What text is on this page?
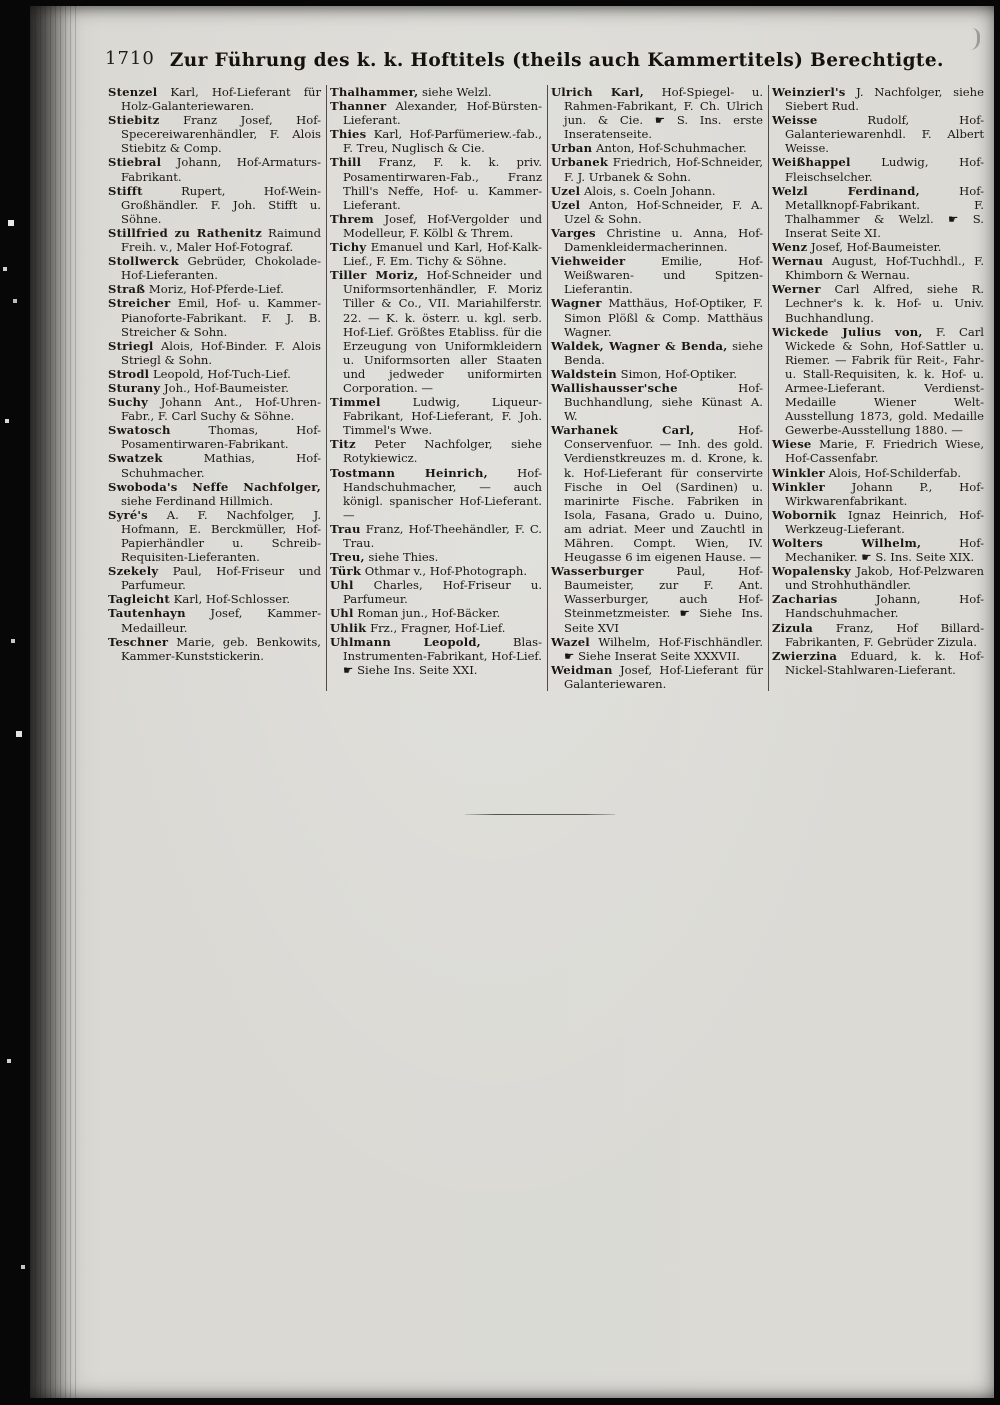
1710 Zur Führung des k. k. Hoftitels (theils auch Kammertitels) Berechtigte.

Stenzel Karl, Hof-Lieferant für Holz-Galanteriewaren.

Stiebitz Franz Josef, Hof-Specereiwarenhändler, F. Alois Stiebitz & Comp.

Stiebral Johann, Hof-Armaturs-Fabrikant.

Stifft	Rupert, Hof-Wein-Großhändler. F. Joh. Stifft u. Söhne.

Stillfried zu Rathenitz Raimund Freih. v., Maler Hof-Fotograf.

Stollwerck Gebrüder, Chokolade-Hof-Lieferanten.

Straß Moriz, Hof-Pferde-Lief.

Streicher Emil, Hof- u. Kammer-Pianoforte-Fabrikant. F. J. B. Streicher & Sohn.

Striegl Alois, Hof-Binder. F. Alois Striegl & Sohn.

Strodl Leopold, Hof-Tuch-Lief.

Sturany Joh., Hof-Baumeister.

Suchy Johann Ant., Hof-Uhren-Fabr., F. Carl Suchy & Söhne.

Swatosch	Thomas, Hof-Posamentirwaren-Fabrikant.

Swatzek	Mathias, Hof-Schuhmacher.

Swoboda's Neffe Nachfolger, siehe Ferdinand Hillmich.

Syré's A. F. Nachfolger, J. Hofmann, E. Berckmüller, Hof-Papierhändler u. Schreib-Requisiten-Lieferanten.

Szekely Paul, Hof-Friseur und Parfumeur.

Tagleicht Karl, Hof-Schlosser.

Tautenhayn Josef, Kammer-Medailleur.

Teschner Marie, geb. Benkowits, Kammer-Kunststickerin.

Thalhammer, siehe Welzl.

Thanner Alexander, Hof-Bürsten-Lieferant.

Thies Karl, Hof-Parfümeriew.-fab., F. Treu, Nuglisch & Cie.

Thill Franz, F. k. k. priv. Posamentirwaren-Fab., Franz Thill's Neffe, Hof- u. Kammer-Lieferant.

Threm Josef, Hof-Vergolder und Modelleur, F. Kölbl & Threm.

Tichy Emanuel und Karl, Hof-Kalk-Lief., F. Em. Tichy & Söhne.

Tiller Moriz, Hof-Schneider und Uniformsortenhändler, F. Moriz Tiller & Co., VII. Mariahilferstr. 22. — K. k. österr. u. kgl. serb. Hof-Lief. Größtes Etabliss. für die Erzeugung von Uniformkleidern u. Uniformsorten aller Staaten und jedweder uniformirten Corporation. —

Timmel	Ludwig, Liqueur-Fabrikant, Hof-Lieferant, F. Joh. Timmel's Wwe.

Titz Peter Nachfolger, siehe Rotykiewicz.

Tostmann Heinrich,	Hof-Handschuhmacher, — auch königl. spanischer Hof-Lieferant. —

Trau Franz, Hof-Theehändler, F. C. Trau.

Treu, siehe Thies.

Türk Othmar v., Hof-Photograph.

Uhl Charles, Hof-Friseur u. Parfumeur.

Uhl Roman jun., Hof-Bäcker.

Uhlik Frz., Fragner, Hof-Lief.

Uhlmann Leopold,	Blas-Instrumenten-Fabrikant, Hof-Lief. ☛ Siehe Ins. Seite XXI.

Ulrich Karl, Hof-Spiegel- u. Rahmen-Fabrikant, F. Ch. Ulrich jun. & Cie. ☛ S. Ins. erste Inseratenseite.

Urban Anton, Hof-Schuhmacher.

Urbanek Friedrich, Hof-Schneider, F. J. Urbanek & Sohn.

Uzel Alois, s. Coeln Johann.

Uzel Anton, Hof-Schneider, F. A. Uzel & Sohn.

Varges Christine u. Anna, Hof-Damenkleidermacherinnen.

Viehweider	Emilie, Hof-Weißwaren- und Spitzen-Lieferantin.

Wagner Matthäus, Hof-Optiker, F. Simon Plößl & Comp. Matthäus Wagner.

Waldek, Wagner & Benda, siehe Benda.

Waldstein Simon, Hof-Optiker.

Wallishausser'sche	Hof-Buchhandlung, siehe Künast A. W.

Warhanek Carl,	Hof-Conservenfuor. — Inh. des gold. Verdienstkreuzes m. d. Krone, k. k. Hof-Lieferant für conservirte Fische in Oel (Sardinen) u. marinirte Fische. Fabriken in Isola, Fasana, Grado u. Duino, am adriat. Meer und Zauchtl in Mähren. Compt. Wien, IV. Heugasse 6 im eigenen Hause. —

Wasserburger	Paul, Hof-Baumeister, zur F. Ant. Wasserburger, auch Hof-Steinmetzmeister. ☛ Siehe Ins. Seite XVI

Wazel Wilhelm, Hof-Fischhändler. ☛ Siehe Inserat Seite XXXVII.

Weidman Josef, Hof-Lieferant für Galanteriewaren.

Weinzierl's J. Nachfolger, siehe Siebert Rud.

Weisse	Rudolf, Hof-Galanteriewarenhdl. F. Albert Weisse.

Weißhappel	Ludwig, Hof-Fleischselcher.

Welzl Ferdinand,	Hof-Metallknopf-Fabrikant. F. Thalhammer & Welzl. ☛ S. Inserat Seite XI.

Wenz Josef, Hof-Baumeister.

Wernau August, Hof-Tuchhdl., F. Khimborn & Wernau.

Werner Carl Alfred, siehe R. Lechner's k. k. Hof- u. Univ. Buchhandlung.

Wickede Julius von, F. Carl Wickede & Sohn, Hof-Sattler u. Riemer. — Fabrik für Reit-, Fahr- u. Stall-Requisiten, k. k. Hof- u. Armee-Lieferant. Verdienst-Medaille Wiener Welt-Ausstellung 1873, gold. Medaille Gewerbe-Ausstellung 1880. —

Wiese Marie, F. Friedrich Wiese, Hof-Cassenfabr.

Winkler Alois, Hof-Schilderfab.

Winkler Johann P., Hof-Wirkwarenfabrikant.

Wobornik Ignaz Heinrich, Hof-Werkzeug-Lieferant.

Wolters Wilhelm,	Hof-Mechaniker. ☛ S. Ins. Seite XIX.

Wopalensky Jakob, Hof-Pelzwaren und Strohhuthändler.

Zacharias	Johann, Hof-Handschuhmacher.

Zizula Franz, Hof Billard-Fabrikanten, F. Gebrüder Zizula.

Zwierzina Eduard, k. k. Hof-Nickel-Stahlwaren-Lieferant.
